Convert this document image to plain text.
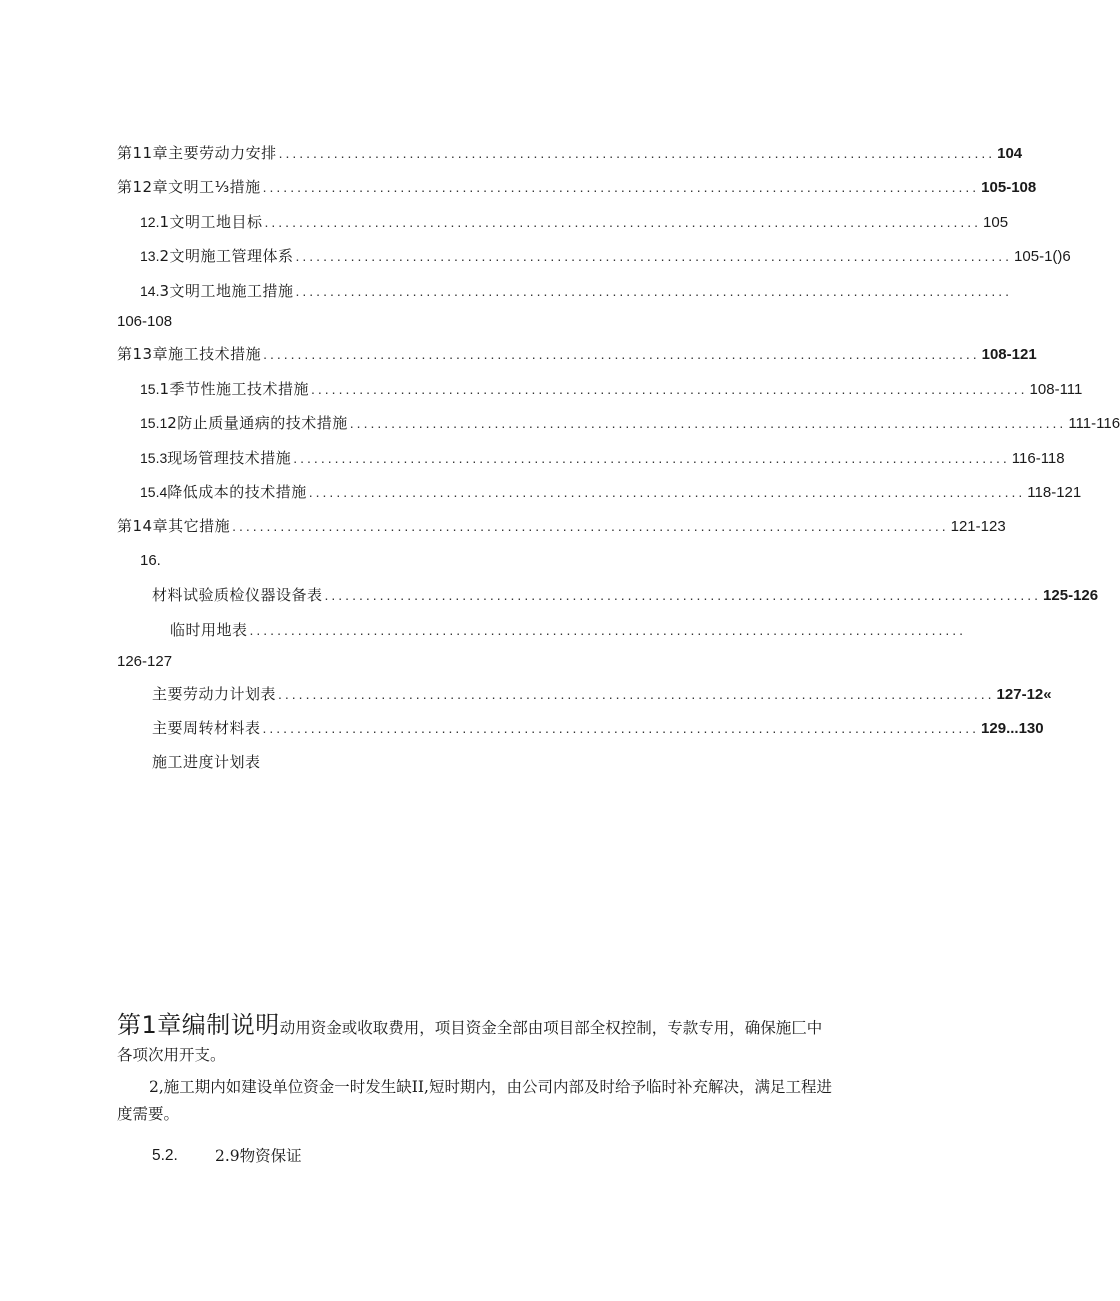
第11章主要劳动力安排 ........................................................................................................ 104
第12章文明工⅓措施 ........................................................................................................ 105-108
12. 1文明工地目标 ........................................................................................................ 105
13. 2文明施工管理体系 ........................................................................................................ 105-1()6
14. 3文明工地施工措施 ........................................................................................................
106-108
第13章施工技术措施 ........................................................................................................ 108-121
15. 1季节性施工技术措施 ........................................................................................................ 108-111
15.1 2防止质量通病的技术措施 ........................................................................................................ 111-116
15.3 现场管理技术措施 ........................................................................................................ 116-118
15.4 降低成本的技术措施 ........................................................................................................ 118-121
第14章其它措施 ........................................................................................................ 121-123
16.
材料试验质检仪器设备表 ........................................................................................................ 125-126
临时用地表 ........................................................................................................
126-127
主要劳动力计划表 ........................................................................................................ 127-12«
主要周转材料表 ........................................................................................................ 129...130
施工进度计划表

第1章编制说明动用资金或收取费用，项目资金全部由项目部全权控制，专款专用，确保施匚中各项次用开支。

2,施工期内如建设单位资金一时发生缺II,短时期内，由公司内部及时给予临时补充解决，满足工程进度需要。

5.2. 2.9物资保证
